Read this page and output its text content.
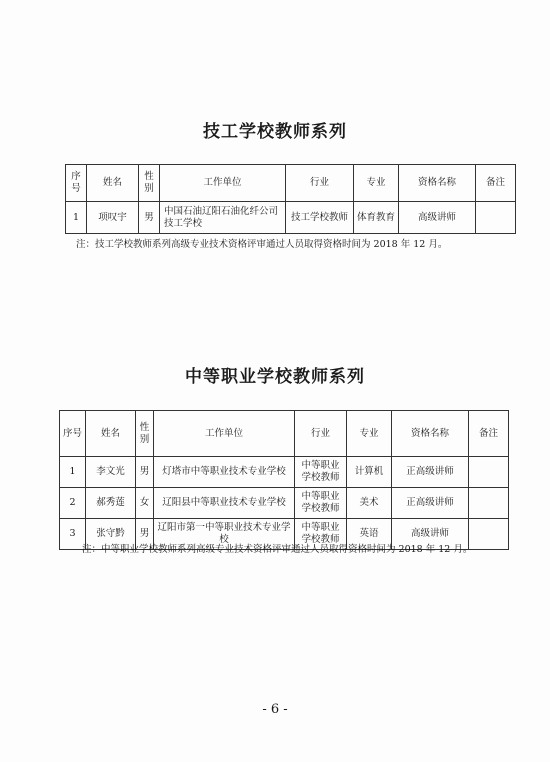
技工学校教师系列
序号	姓名	性别	工作单位	行业	专业	资格名称	备注
1	项叹宇	男	中国石油辽阳石油化纤公司技工学校	技工学校教师	体育教育	高级讲师	
注：技工学校教师系列高级专业技术资格评审通过人员取得资格时间为 2018 年 12 月。
中等职业学校教师系列
序号	姓名	性别	工作单位	行业	专业	资格名称	备注
1	李文光	男	灯塔市中等职业技术专业学校	中等职业学校教师	计算机	正高级讲师	
2	郝秀莲	女	辽阳县中等职业技术专业学校	中等职业学校教师	美术	正高级讲师	
3	张守黔	男	辽阳市第一中等职业技术专业学校	中等职业学校教师	英语	高级讲师	
注：中等职业学校教师系列高级专业技术资格评审通过人员取得资格时间为 2018 年 12 月。
- 6 -
